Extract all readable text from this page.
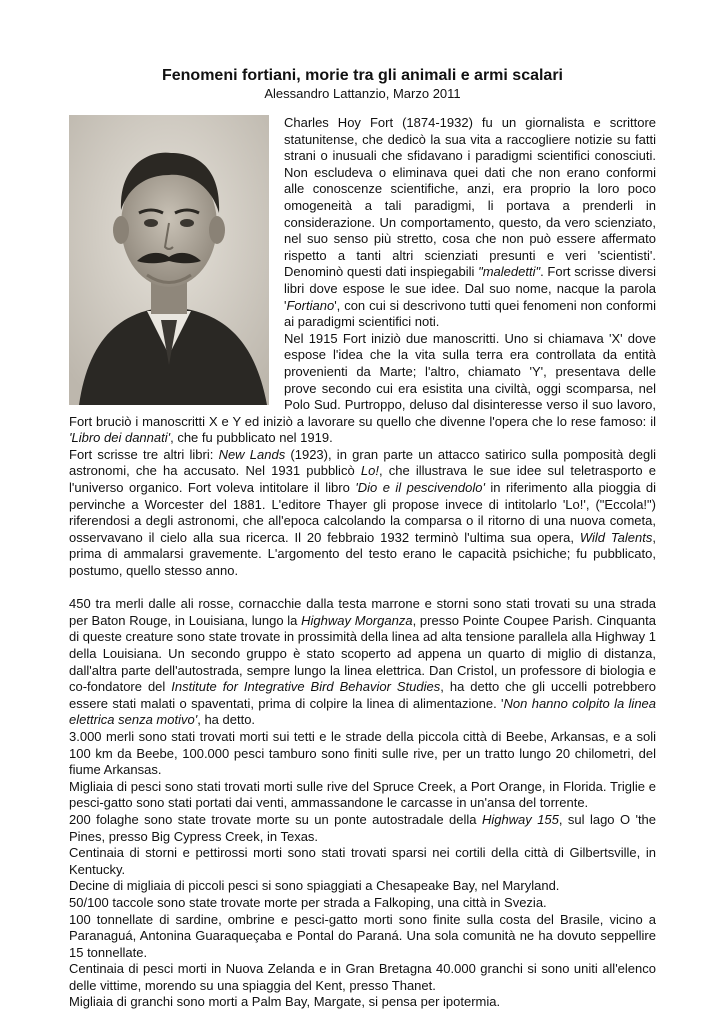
Fenomeni fortiani, morie tra gli animali e armi scalari
Alessandro Lattanzio, Marzo 2011

Charles Hoy Fort (1874-1932) fu un giornalista e scrittore statunitense, che dedicò la sua vita a raccogliere notizie su fatti strani o inusuali che sfidavano i paradigmi scientifici conosciuti. Non escludeva o eliminava quei dati che non erano conformi alle conoscenze scientifiche, anzi, era proprio la loro poco omogeneità a tali paradigmi, li portava a prenderli in considerazione. Un comportamento, questo, da vero scienziato, nel suo senso più stretto, cosa che non può essere affermato rispetto a tanti altri scienziati presunti e veri 'scientisti'. Denominò questi dati inspiegabili "maledetti". Fort scrisse diversi libri dove espose le sue idee. Dal suo nome, nacque la parola 'Fortiano', con cui si descrivono tutti quei fenomeni non conformi ai paradigmi scientifici noti.

Nel 1915 Fort iniziò due manoscritti. Uno si chiamava 'X' dove espose l'idea che la vita sulla terra era controllata da entità provenienti da Marte; l'altro, chiamato 'Y', presentava delle prove secondo cui era esistita una civiltà, oggi scomparsa, nel Polo Sud. Purtroppo, deluso dal disinteresse verso il suo lavoro, Fort bruciò i manoscritti X e Y ed iniziò a lavorare su quello che divenne l'opera che lo rese famoso: il 'Libro dei dannati', che fu pubblicato nel 1919.

Fort scrisse tre altri libri: New Lands (1923), in gran parte un attacco satirico sulla pomposità degli astronomi, che ha accusato. Nel 1931 pubblicò Lo!, che illustrava le sue idee sul teletrasporto e l'universo organico. Fort voleva intitolare il libro 'Dio e il pescivendolo' in riferimento alla pioggia di pervinche a Worcester del 1881. L'editore Thayer gli propose invece di intitolarlo 'Lo!', ("Eccola!") riferendosi a degli astronomi, che all'epoca calcolando la comparsa o il ritorno di una nuova cometa, osservavano il cielo alla sua ricerca. Il 20 febbraio 1932 terminò l'ultima sua opera, Wild Talents, prima di ammalarsi gravemente. L'argomento del testo erano le capacità psichiche; fu pubblicato, postumo, quello stesso anno.

450 tra merli dalle ali rosse, cornacchie dalla testa marrone e storni sono stati trovati su una strada per Baton Rouge, in Louisiana, lungo la Highway Morganza, presso Pointe Coupee Parish. Cinquanta di queste creature sono state trovate in prossimità della linea ad alta tensione parallela alla Highway 1 della Louisiana. Un secondo gruppo è stato scoperto ad appena un quarto di miglio di distanza, dall'altra parte dell'autostrada, sempre lungo la linea elettrica. Dan Cristol, un professore di biologia e co-fondatore del Institute for Integrative Bird Behavior Studies, ha detto che gli uccelli potrebbero essere stati malati o spaventati, prima di colpire la linea di alimentazione. 'Non hanno colpito la linea elettrica senza motivo', ha detto.

3.000 merli sono stati trovati morti sui tetti e le strade della piccola città di Beebe, Arkansas, e a soli 100 km da Beebe, 100.000 pesci tamburo sono finiti sulle rive, per un tratto lungo 20 chilometri, del fiume Arkansas.

Migliaia di pesci sono stati trovati morti sulle rive del Spruce Creek, a Port Orange, in Florida. Triglie e pesci-gatto sono stati portati dai venti, ammassandone le carcasse in un'ansa del torrente.

200 folaghe sono state trovate morte su un ponte autostradale della Highway 155, sul lago O 'the Pines, presso Big Cypress Creek, in Texas.

Centinaia di storni e pettirossi morti sono stati trovati sparsi nei cortili della città di Gilbertsville, in Kentucky.

Decine di migliaia di piccoli pesci si sono spiaggiati a Chesapeake Bay, nel Maryland.

50/100 taccole sono state trovate morte per strada a Falkoping, una città in Svezia.

100 tonnellate di sardine, ombrine e pesci-gatto morti sono finite sulla costa del Brasile, vicino a Paranaguá, Antonina Guaraqueçaba e Pontal do Paraná. Una sola comunità ne ha dovuto seppellire 15 tonnellate.

Centinaia di pesci morti in Nuova Zelanda e in Gran Bretagna 40.000 granchi si sono uniti all'elenco delle vittime, morendo su una spiaggia del Kent, presso Thanet.

Migliaia di granchi sono morti a Palm Bay, Margate, si pensa per ipotermia.
